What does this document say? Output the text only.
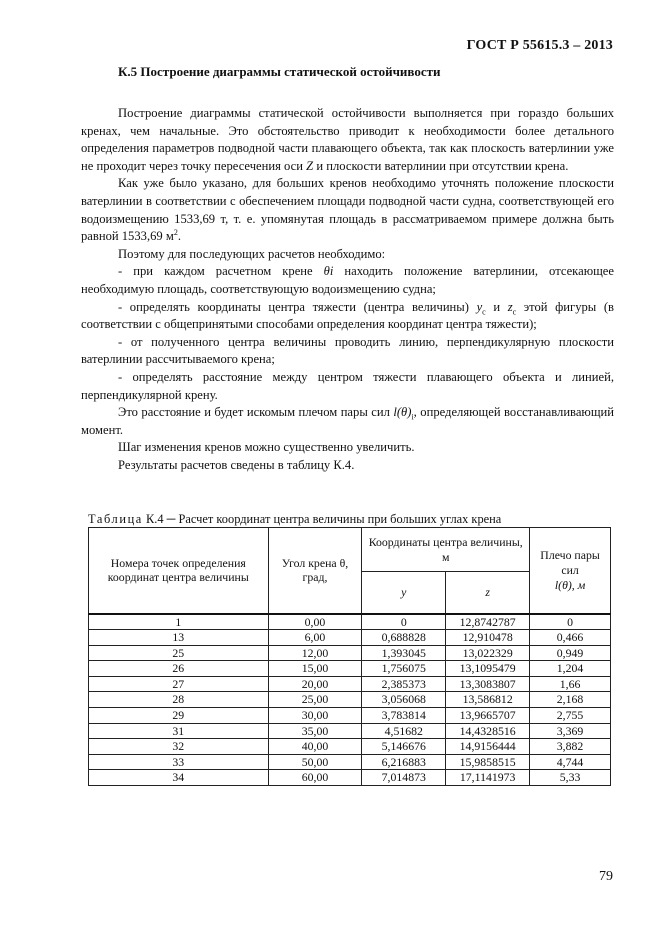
ГОСТ Р 55615.3 – 2013
К.5 Построение диаграммы статической остойчивости

Построение диаграммы статической остойчивости выполняется при гораздо больших кренах, чем начальные. Это обстоятельство приводит к необходимости более детального определения параметров подводной части плавающего объекта, так как плоскость ватерлинии уже не проходит через точку пересечения оси Z и плоскости ватерлинии при отсутствии крена.

Как уже было указано, для больших кренов необходимо уточнять положение плоскости ватерлинии в соответствии с обеспечением площади подводной части судна, соответствующей его водоизмещению 1533,69 т, т. е. упомянутая площадь в рассматриваемом примере должна быть равной 1533,69 $м^2$.

Поэтому для последующих расчетов необходимо:

- при каждом расчетном крене θi находить положение ватерлинии, отсекающее необходимую площадь, соответствующую водоизмещению судна;

- определять координаты центра тяжести (центра величины) $y_c$ и $z_c$ этой фигуры (в соответствии с общепринятыми способами определения координат центра тяжести);

- от полученного центра величины проводить линию, перпендикулярную плоскости ватерлинии рассчитываемого крена;

- определять расстояние между центром тяжести плавающего объекта и линией, перпендикулярной крену.

Это расстояние и будет искомым плечом пары сил $l(\theta)_i$, определяющей восстанавливающий момент.

Шаг изменения кренов можно существенно увеличить.

Результаты расчетов сведены в таблицу К.4.

Таблица К.4 ─ Расчет координат центра величины при больших углах крена
Номера точек определения координат центра величины	Угол крена θ, град,	Координаты центра величины, м		Плечо пары сил
l(θ), м
		y	z	
1	0,00	0	12,8742787	0
13	6,00	0,688828	12,910478	0,466
25	12,00	1,393045	13,022329	0,949
26	15,00	1,756075	13,1095479	1,204
27	20,00	2,385373	13,3083807	1,66
28	25,00	3,056068	13,586812	2,168
29	30,00	3,783814	13,9665707	2,755
31	35,00	4,51682	14,4328516	3,369
32	40,00	5,146676	14,9156444	3,882
33	50,00	6,216883	15,9858515	4,744
34	60,00	7,014873	17,1141973	5,33
79
